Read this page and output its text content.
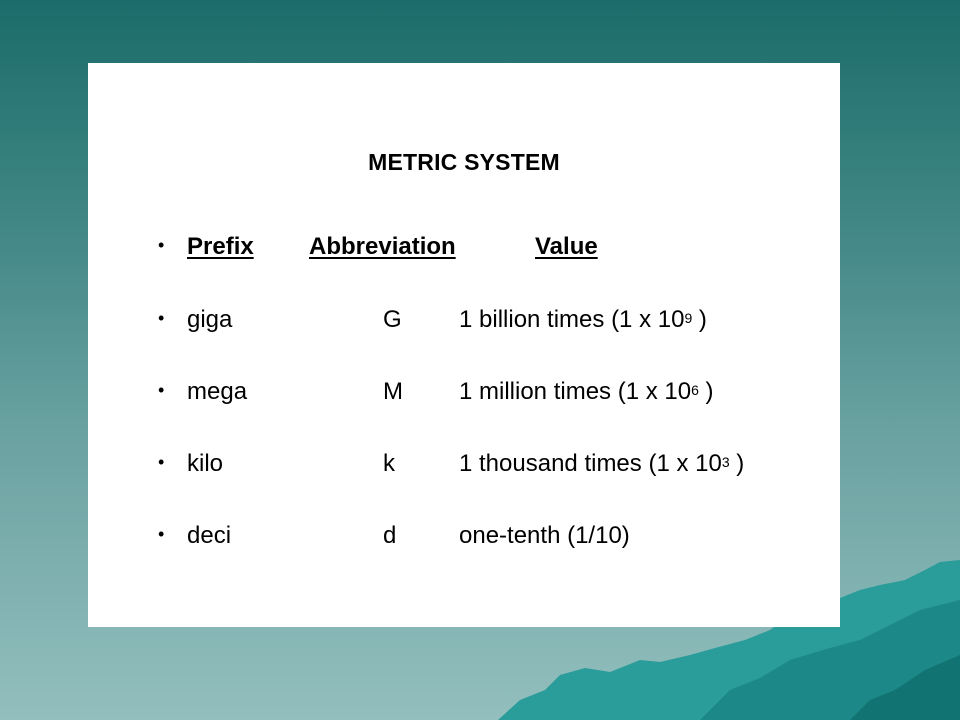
METRIC SYSTEM
• Prefix Abbreviation	Value
• giga	G 1 billion times (1 x $10^9$ )
• mega	M 1 million times (1 x $10^6$ )
• kilo	k	1 thousand times (1 x $10^3$ )
• deci	d	one-tenth (1/10)
